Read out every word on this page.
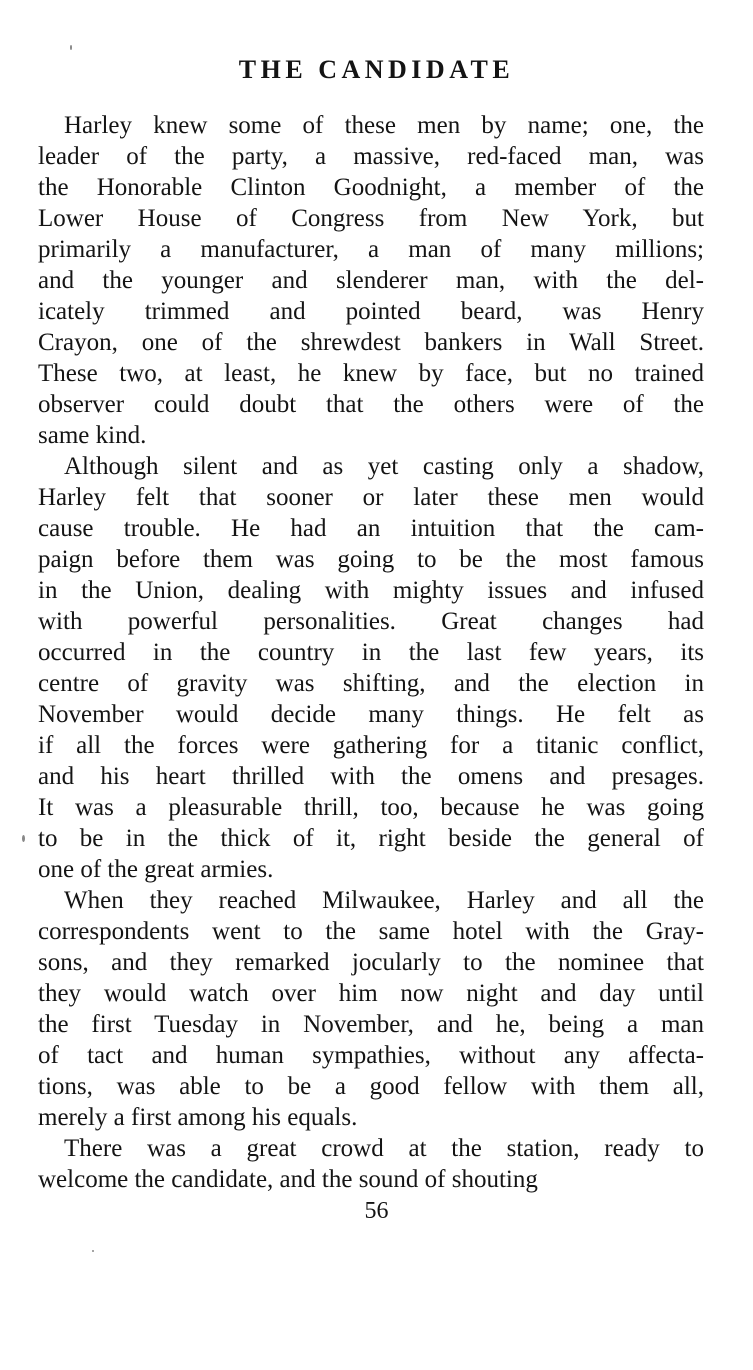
THE CANDIDATE

Harley knew some of these men by name; one, the
leader of the party, a massive, red-faced man, was
the Honorable Clinton Goodnight, a member of the
Lower House of Congress from New York, but
primarily a manufacturer, a man of many millions;
and the younger and slenderer man, with the del-
icately trimmed and pointed beard, was Henry
Crayon, one of the shrewdest bankers in Wall Street.
These two, at least, he knew by face, but no trained
observer could doubt that the others were of the
same kind.

Although silent and as yet casting only a shadow,
Harley felt that sooner or later these men would
cause trouble. He had an intuition that the cam-
paign before them was going to be the most famous
in the Union, dealing with mighty issues and infused
with powerful personalities. Great changes had
occurred in the country in the last few years, its
centre of gravity was shifting, and the election in
November would decide many things. He felt as
if all the forces were gathering for a titanic conflict,
and his heart thrilled with the omens and presages.
It was a pleasurable thrill, too, because he was going
to be in the thick of it, right beside the general of
one of the great armies.

When they reached Milwaukee, Harley and all the
correspondents went to the same hotel with the Gray-
sons, and they remarked jocularly to the nominee that
they would watch over him now night and day until
the first Tuesday in November, and he, being a man
of tact and human sympathies, without any affecta-
tions, was able to be a good fellow with them all,
merely a first among his equals.

There was a great crowd at the station, ready to
welcome the candidate, and the sound of shouting

56
